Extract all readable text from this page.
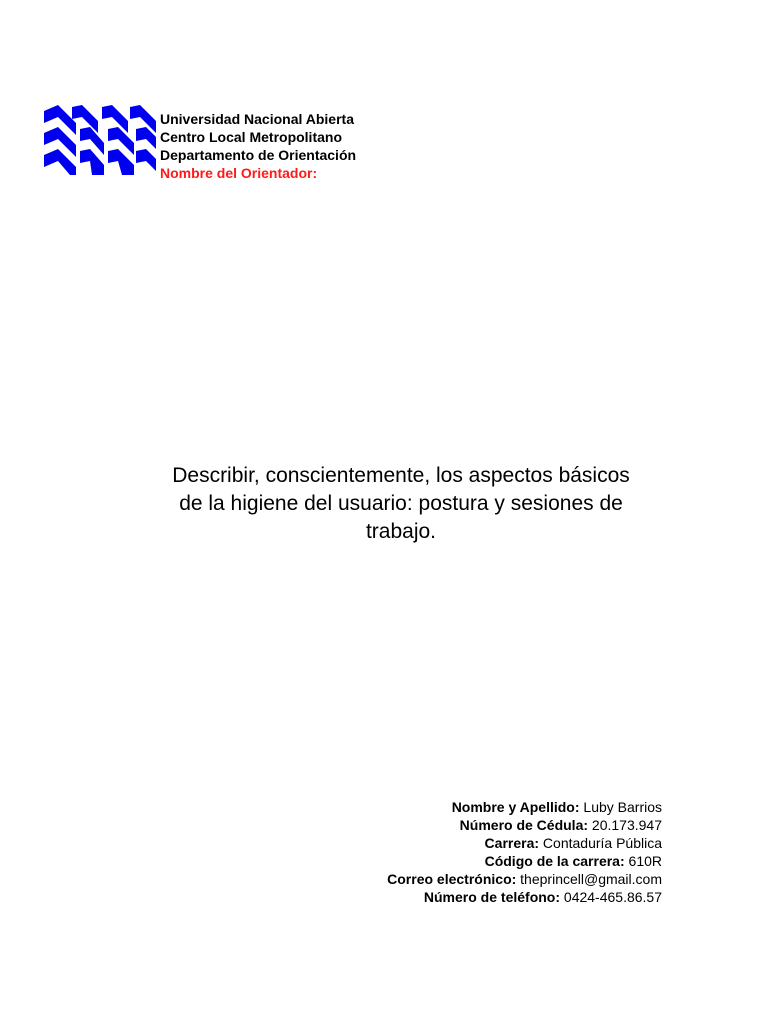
Universidad Nacional Abierta
Centro Local Metropolitano
Departamento de Orientación
Nombre del Orientador:
Describir, conscientemente, los aspectos básicos
de la higiene del usuario: postura y sesiones de
trabajo.
Nombre y Apellido: Luby Barrios
Número de Cédula: 20.173.947
Carrera: Contaduría Pública
Código de la carrera: 610R
Correo electrónico: theprincell@gmail.com
Número de teléfono: 0424-465.86.57
